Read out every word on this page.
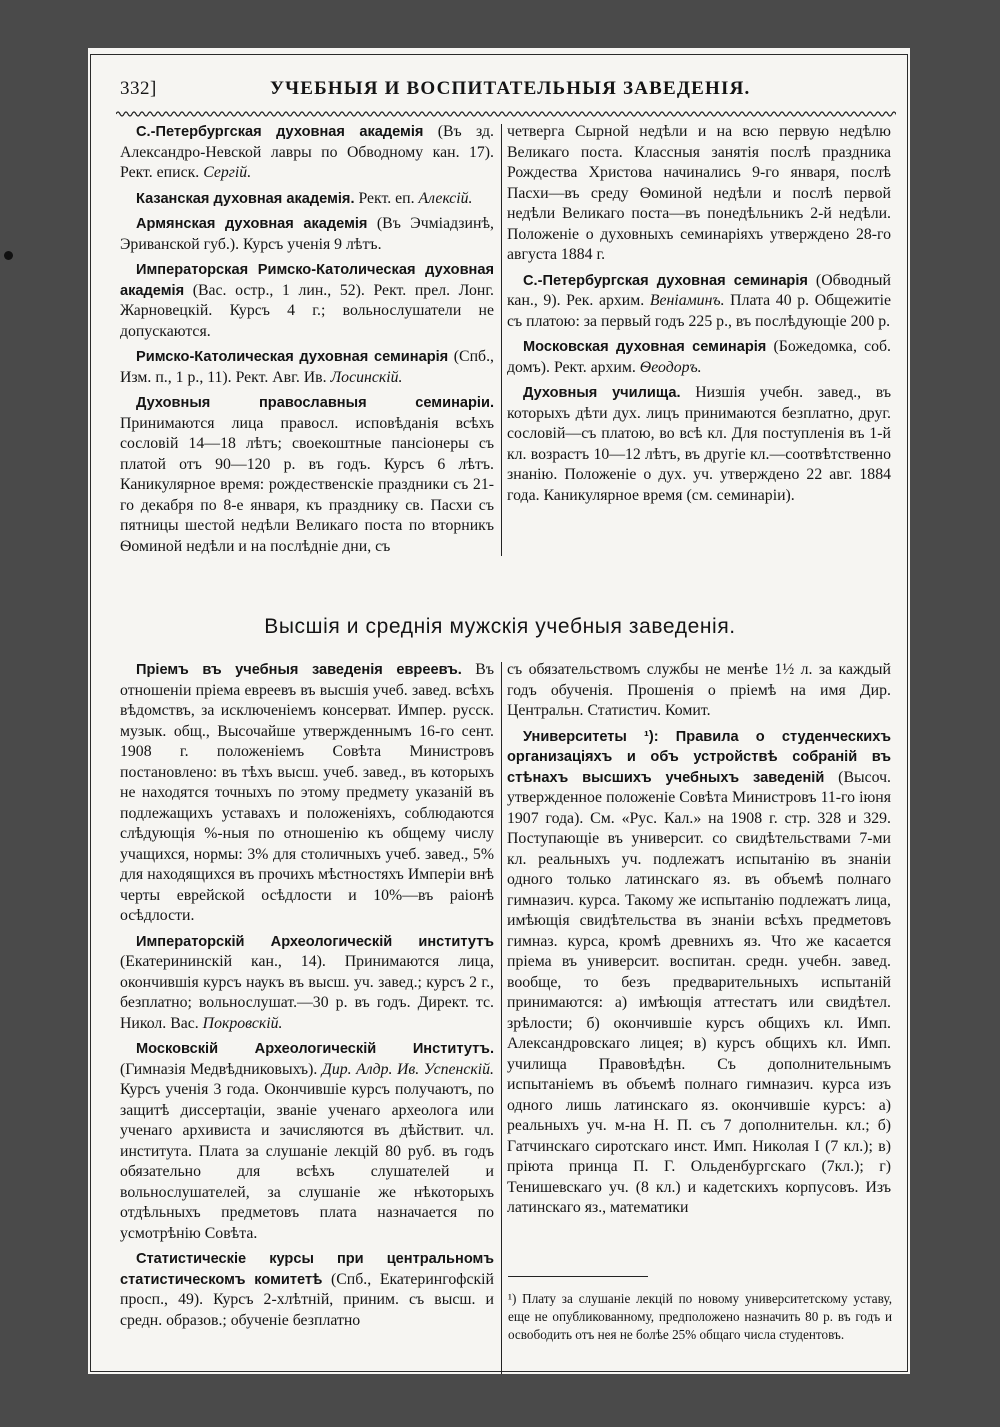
332]	УЧЕБНЫЯ И ВОСПИТАТЕЛЬНЫЯ ЗАВЕДЕНІЯ.

С.-Петербургская духовная академія (Въ зд. Александро-Невской лавры по Обводному кан. 17). Рект. еписк. Сергій.

Казанская духовная академія. Рект. еп. Алексій.

Армянская духовная академія (Въ Эчміадзинѣ, Эриванской губ.). Курсъ ученія 9 лѣтъ.

Императорская Римско-Католическая духовная академія (Вас. остр., 1 лин., 52). Рект. прел. Лонг. Жарновецкій. Курсъ 4 г.; вольнослушатели не допускаются.

Римско-Католическая духовная семинарія (Спб., Изм. п., 1 р., 11). Рект. Авг. Ив. Лосинскій.

Духовныя православныя семинаріи. Принимаются лица правосл. исповѣданія всѣхъ сословій 14—18 лѣтъ; своекоштные пансіонеры съ платой отъ 90—120 р. въ годъ. Курсъ 6 лѣтъ. Каникулярное время: рождественскіе праздники съ 21-го декабря по 8-е января, къ празднику св. Пасхи съ пятницы шестой недѣли Великаго поста по вторникъ Ѳоминой недѣли и на послѣдніе дни, съ

четверга Сырной недѣли и на всю первую недѣлю Великаго поста. Классныя занятія послѣ праздника Рождества Христова начинались 9-го января, послѣ Пасхи—въ среду Ѳоминой недѣли и послѣ первой недѣли Великаго поста—въ понедѣльникъ 2-й недѣли. Положеніе о духовныхъ семинаріяхъ утверждено 28-го августа 1884 г.

С.-Петербургская духовная семинарія (Обводный кан., 9). Рек. архим. Веніаминъ. Плата 40 р. Общежитіе съ платою: за первый годъ 225 р., въ послѣдующіе 200 р.

Московская духовная семинарія (Божедомка, соб. домъ). Рект. архим. Ѳеодоръ.

Духовныя училища. Низшія учебн. завед., въ которыхъ дѣти дух. лицъ принимаются безплатно, друг. сословій—съ платою, во всѣ кл. Для поступленія въ 1-й кл. возрастъ 10—12 лѣтъ, въ другіе кл.—соотвѣтственно знанію. Положеніе о дух. уч. утверждено 22 авг. 1884 года. Каникулярное время (см. семинаріи).

Высшія и среднія мужскія учебныя заведенія.

Пріемъ въ учебныя заведенія евреевъ. Въ отношеніи пріема евреевъ въ высшія учеб. завед. всѣхъ вѣдомствъ, за исключеніемъ консерват. Импер. русск. музык. общ., Высочайше утвержденнымъ 16-го сент. 1908 г. положеніемъ Совѣта Министровъ постановлено: въ тѣхъ высш. учеб. завед., въ которыхъ не находятся точныхъ по этому предмету указаній въ подлежащихъ уставахъ и положеніяхъ, соблюдаются слѣдующія %-ныя по отношенію къ общему числу учащихся, нормы: 3% для столичныхъ учеб. завед., 5% для находящихся въ прочихъ мѣстностяхъ Имперіи внѣ черты еврейской осѣдлости и 10%—въ раіонѣ осѣдлости.

Императорскій Археологическій институтъ (Екатерининскій кан., 14). Принимаются лица, окончившія курсъ наукъ въ высш. уч. завед.; курсъ 2 г., безплатно; вольнослушат.—30 р. въ годъ. Директ. тс. Никол. Вас. Покровскій.

Московскій Археологическій Институтъ. (Гимназія Медвѣдниковыхъ). Дир. Алдр. Ив. Успенскій. Курсъ ученія 3 года. Окончившіе курсъ получаютъ, по защитѣ диссертаціи, званіе ученаго археолога или ученаго архивиста и зачисляются въ дѣйствит. чл. института. Плата за слушаніе лекцій 80 руб. въ годъ обязательно для всѣхъ слушателей и вольнослушателей, за слушаніе же нѣкоторыхъ отдѣльныхъ предметовъ плата назначается по усмотрѣнію Совѣта.

Статистическіе курсы при центральномъ статистическомъ комитетѣ (Спб., Екатерингофскій просп., 49). Курсъ 2-хлѣтній, приним. съ высш. и средн. образов.; обученіе безплатно

съ обязательствомъ службы не менѣе 1½ л. за каждый годъ обученія. Прошенія о пріемѣ на имя Дир. Центральн. Статистич. Комит.

Университеты ¹): Правила о студенческихъ организаціяхъ и объ устройствѣ собраній въ стѣнахъ высшихъ учебныхъ заведеній (Высоч. утвержденное положеніе Совѣта Министровъ 11-го іюня 1907 года). См. «Рус. Кал.» на 1908 г. стр. 328 и 329. Поступающіе въ университ. со свидѣтельствами 7-ми кл. реальныхъ уч. подлежатъ испытанію въ знаніи одного только латинскаго яз. въ объемѣ полнаго гимназич. курса. Такому же испытанію подлежатъ лица, имѣющія свидѣтельства въ знаніи всѣхъ предметовъ гимназ. курса, кромѣ древнихъ яз. Что же касается пріема въ университ. воспитан. средн. учебн. завед. вообще, то безъ предварительныхъ испытаній принимаются: а) имѣющія аттестатъ или свидѣтел. зрѣлости; б) окончившіе курсъ общихъ кл. Имп. Александровскаго лицея; в) курсъ общихъ кл. Имп. училища Правовѣдѣн. Съ дополнительнымъ испытаніемъ въ объемѣ полнаго гимназич. курса изъ одного лишь латинскаго яз. окончившіе курсъ: а) реальныхъ уч. м-на Н. П. съ 7 дополнительн. кл.; б) Гатчинскаго сиротскаго инст. Имп. Николая I (7 кл.); в) пріюта принца П. Г. Ольденбургскаго (7кл.); г) Тенишевскаго уч. (8 кл.) и кадетскихъ корпусовъ. Изъ латинскаго яз., математики

¹) Плату за слушаніе лекцій по новому университетскому уставу, еще не опубликованному, предположено назначить 80 р. въ годъ и освободить отъ нея не болѣе 25% общаго числа студентовъ.
